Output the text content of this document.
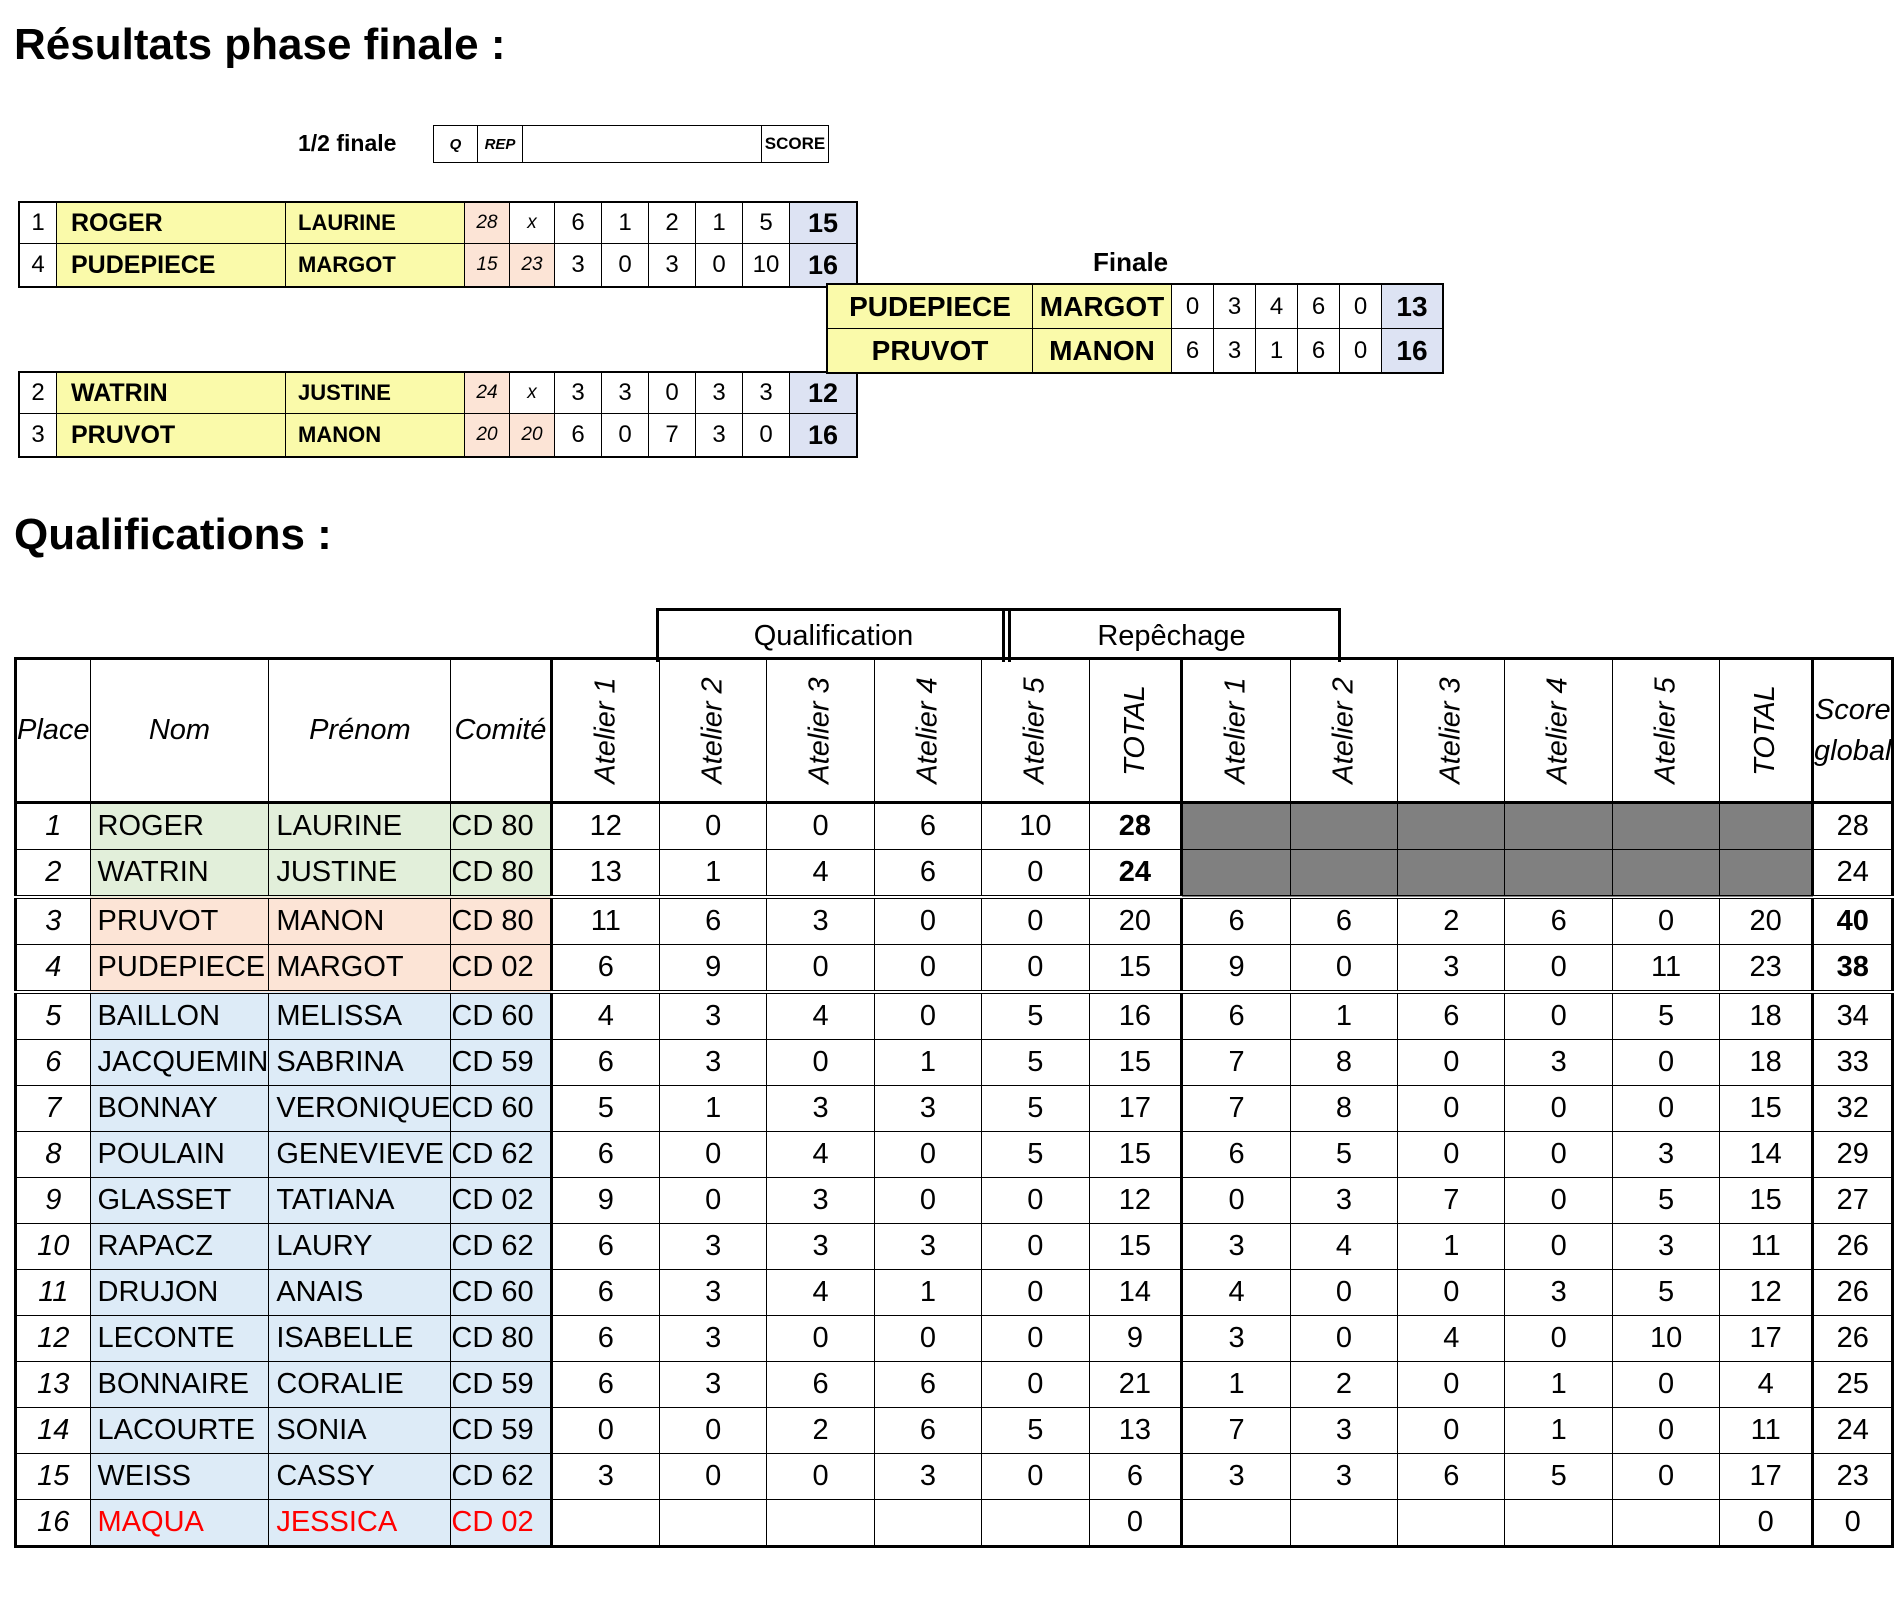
Résultats phase finale :
Qualifications :
1/2 finale	Q	REP		SCORE
1	ROGER	LAURINE	28	x	6	1	2	1	5	15
4	PUDEPIECE	MARGOT	15	23	3	0	3	0	10	16
2	WATRIN	JUSTINE	24	x	3	3	0	3	3	12
3	PRUVOT	MANON	20	20	6	0	7	3	0	16
Finale
PUDEPIECE	MARGOT	0	3	4	6	0	13
PRUVOT	MANON	6	3	1	6	0	16
Qualification	Repêchage
Place	Nom	Prénom	Comité	Atelier 1	Atelier 2	Atelier 3	Atelier 4	Atelier 5	TOTAL	Atelier 1	Atelier 2	Atelier 3	Atelier 4	Atelier 5	TOTAL	Score
global
1	ROGER	LAURINE	CD 80	12	0	0	6	10	28							28
2	WATRIN	JUSTINE	CD 80	13	1	4	6	0	24							24
3	PRUVOT	MANON	CD 80	11	6	3	0	0	20	6	6	2	6	0	20	40
4	PUDEPIECE	MARGOT	CD 02	6	9	0	0	0	15	9	0	3	0	11	23	38
5	BAILLON	MELISSA	CD 60	4	3	4	0	5	16	6	1	6	0	5	18	34
6	JACQUEMIN	SABRINA	CD 59	6	3	0	1	5	15	7	8	0	3	0	18	33
7	BONNAY	VERONIQUE	CD 60	5	1	3	3	5	17	7	8	0	0	0	15	32
8	POULAIN	GENEVIEVE	CD 62	6	0	4	0	5	15	6	5	0	0	3	14	29
9	GLASSET	TATIANA	CD 02	9	0	3	0	0	12	0	3	7	0	5	15	27
10	RAPACZ	LAURY	CD 62	6	3	3	3	0	15	3	4	1	0	3	11	26
11	DRUJON	ANAIS	CD 60	6	3	4	1	0	14	4	0	0	3	5	12	26
12	LECONTE	ISABELLE	CD 80	6	3	0	0	0	9	3	0	4	0	10	17	26
13	BONNAIRE	CORALIE	CD 59	6	3	6	6	0	21	1	2	0	1	0	4	25
14	LACOURTE	SONIA	CD 59	0	0	2	6	5	13	7	3	0	1	0	11	24
15	WEISS	CASSY	CD 62	3	0	0	3	0	6	3	3	6	5	0	17	23
16	MAQUA	JESSICA	CD 02						0						0	0
